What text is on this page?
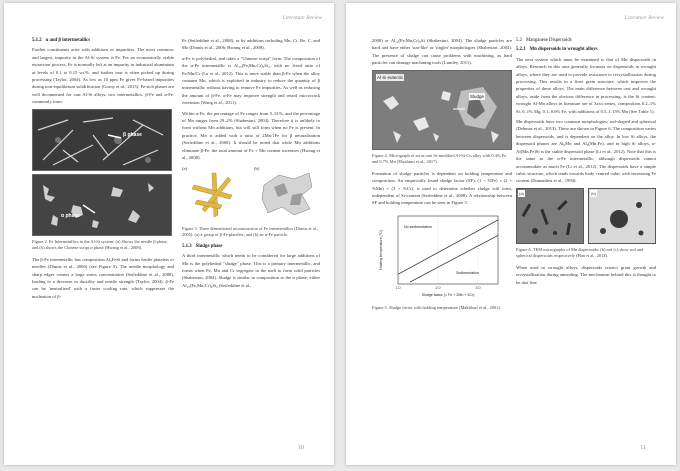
Literature Review
5.1.2 α and β intermetallics

Further constituents arise with additions or impurities. The most common, and largest, impurity in the Al-Si system is Fe. For an economically viable extraction process, Fe is normally left at an impurity in industrial aluminium at levels of 0.1 to 0.15 wt.%, and further iron is often picked up during processing (Taylor, 2004). As low as 10 ppm Fe gives Fe-based impurities during non-equilibrium solidification (Gorny et al., 2015). Fe-rich phases are well documented for cast Al-Si alloys, two intermetallics, β-Fe and α-Fe, commonly form.

β phase
α phase
Figure 2. Fe Intermetallics in the Al-Si system: (a) Shows the needle β phase, and (b) shows the Chinese script α phase (Hwang et al., 2008).

The β-Fe intermetallic has composition Al₅FeSi and forms brittle platelets or needles (Dinnis et al., 2006) (see Figure 3). The needle morphology and sharp edges creates a large stress concentration (Seifeddine et al., 2008), leading to a decrease in ductility and tensile strength (Taylor, 2004). β-Fe can be 'neutralised' with a faster cooling rate, which suppresses the nucleation of β-

Fe (Seifeddine et al., 2008), or by additions including Mn, Cr, Be, C, and Mo (Dinnis et al., 2006; Hwang et al., 2008).

α-Fe is polyhedral, and takes a "Chinese-script" form. The composition of the α-Fe intermetallic is Al₁₅(Fe,Mn,Cr)₃Si₂, with no fixed ratio of Fe/Mn/Cr (Lu et al., 2012). This is more stable than β-Fe when the alloy contains Mn, which is exploited in industry to reduce the quantity of β intermetallic without having to remove Fe impurities. As well as reducing the amount of β-Fe, α-Fe may improve strength and retard microcrack extension (Wang et al., 2011).

Within α-Fe, the percentage of Fe ranges from 5–31%, and the percentage of Mn ranges from 29–2% (Shabestari, 2004). Therefore it is unlikely to form without Mn additions, but will still form when no Fe is present. In practice, Mn is added with a ratio of 2Mn:1Fe for β neutralisation (Seifeddine et al., 2008). It should be noted that while Mn additions eliminate β-Fe, the total amount of Fe + Mn content increases (Hwang et al., 2008).

(a)	(b)
Figure 3. Three dimensional reconstruction of Fe intermetallics (Dinnis et al., 2005): (a) a group of β-Fe platelets; and (b) an α-Fe particle.
5.1.3 Sludge phase

A third intermetallic which needs to be considered for large additions of Mn is the polyhedral "sludge" phase. This is a primary intermetallic, and forms when Fe, Mn and Cr segregate in the melt to form solid particles (Shabestari, 2004). Sludge is similar in composition to the α phase; either Al₁₅(Fe,Mn,Cr)₃Si₂ (Seifeddine et al.,

10
Literature Review

2008) or Al₁₂(Fe,Mn,Cr)₃Si (Shabestari, 2004). The sludge particles are hard and have either 'star-like' or 'ringlet' morphologies (Shabestari, 2004). The presence of sludge can cause problems with machining, as hard particles can damage machining tools (Lumley, 2011).

Al Si eutectic
Sludge
Figure 4. Micrograph of an as cast Sr-modified Al-Si-Cu alloy with 0.4% Fe and 0.7% Mn (Ebrahimi et al., 2017).

Formation of sludge particles is dependent on holding temperature and composition. An empirically found sludge factor (SF), (1 × %Fe) + (2 × %Mn) + (3 × %Cr), is used to determine whether sludge will form, independent of Si-content (Seifeddine et al., 2008). A relationship between SF and holding temperature can be seen in Figure 5.

1.0	2.0	3.0
No sedimentation
Sedimentation
Sludge factor (= Fe + 2Mn + 3Cr)
Holding temperature (°C)
Figure 5. Sludge factor with holding temperature (Makhlouf et al., 2001).
5.2 Manganese Dispersoids
5.2.1 Mn dispersoids in wrought alloys

The next system which must be examined is that of Mn dispersoids in alloys. Research in this area generally focusses on dispersoids in wrought alloys, where they are used to provide resistance to recrystallisation during processing. This results in a finer grain structure, which improves the properties of these alloys. The main difference between cast and wrought alloys, aside from the obvious difference in processing, is the Si content; wrought Al-Mn alloys in literature are of 3xxx series, composition 0.2–1% Si, 0–1% Mg, 0.1–0.6% Fe, with additions of 0.5–1.15% Mn (See Table 1).

Mn dispersoids have two common morphologies; rod-shaped and spherical (Dehmas et al., 2013). These are shown in Figure 6. The composition varies between dispersoids, and is dependent on the alloy. In low Si alloys, the dispersoid phases are Al₆Mn and Al₆(Mn,Fe), and in high Si alloys, α-Al(Mn,Fe)Si is the stable dispersoid phase (Li et al., 2012). Note that this is the same as the α-Fe intermetallic, although dispersoids cannot accommodate as much Fe (Li et al., 2012). The dispersoids have a simple cubic structure, which tends towards body centred cubic with increasing Fe content (Donnadieu et al., 1994).

(a)	(b)
Figure 6. TEM micrographs of Mn dispersoids: (b) rod (c) show rod and spherical dispersoids respectively (Han et al., 2012).

When used in wrought alloys, dispersoids restrict grain growth and recrystallisation during annealing. The mechanism behind this is thought to be that fine

11
